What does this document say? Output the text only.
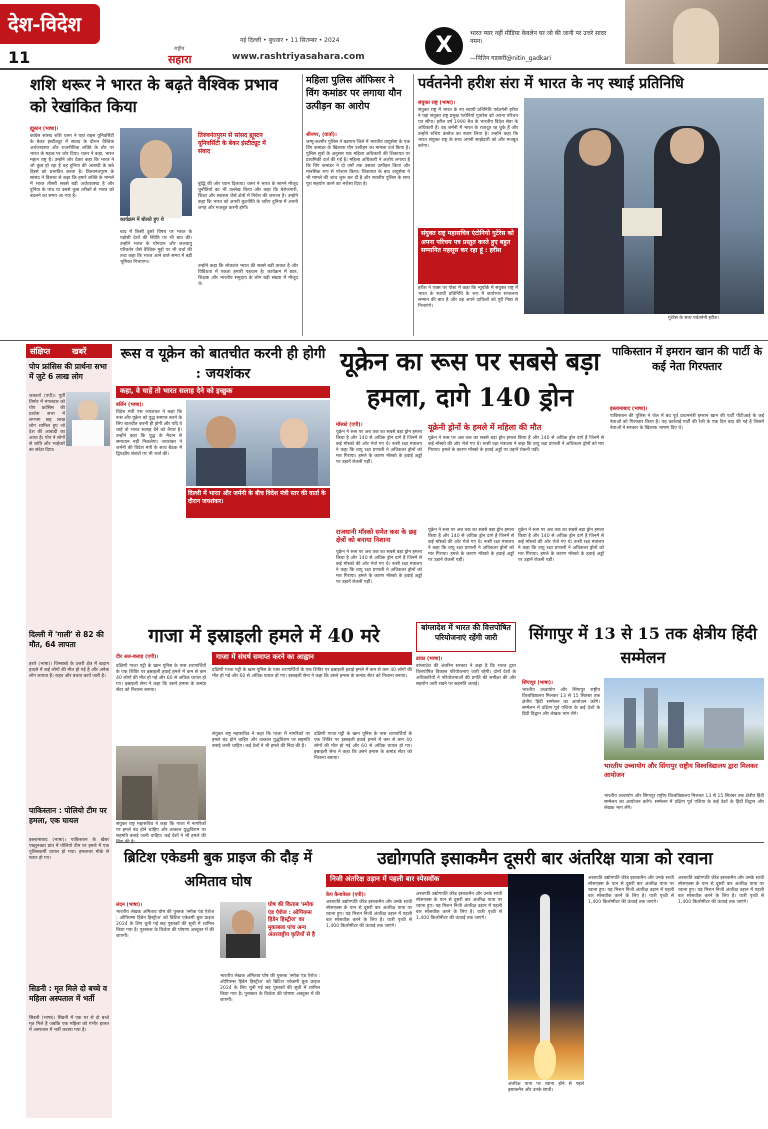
देश-विदेश
11
नई दिल्ली • बुधवार • 11 सितम्बर • 2024
राष्ट्रीय
सहारा	www.rashtriyasahara.com	X	भारत प्यार नहीं मीडिया केवलेन घर जो की जानी पर उत्तरे सादर नमन।
—नितिन गडकरी@nitin_gadkari
शशि थरूर ने भारत के बढ़ते वैश्विक प्रभाव को रेखांकित किया
ह्यूस्टन (भाषा)।
कांग्रेस सांसद शशि थरूर ने यहां राइस यूनिवर्सिटी के बेकर इंस्टीट्यूट में संवाद के दौरान वैश्विक अर्थव्यवस्था और राजनीतिक शक्ति के तौर पर भारत के महत्व पर जोर दिया। थरूर ने कहा, भारत महान राष्ट्र है। उन्होंने जोर देकर कहा कि भारत ने जो कुछ हो रहा है वह दुनिया की आबादी के छठे हिस्से को प्रभावित करता है। तिरुवनंतपुरम के सांसद ने विस्तार से कहा कि हमारे शक्ति के मामले में भारत तीसरी सबसे बड़ी अर्थव्यवस्था है और दुनिया के पांच या उससे कुछ तरीकों से भारत को बदलने का समय आ गया है।
कार्यक्रम में बोलते हुए थे
तिरुवनंतपुरम से सांसद ह्यूस्टन यूनिवर्सिटी के बेकर इंस्टीट्यूट में संवाद
बाद में किसी दूसरे विषय पर भारत के पड़ोसी देशों की स्थिति पर भी बात की। उन्होंने भारत के योगदान और जलवायु परिवर्तन जैसे वैश्विक मुद्दों पर भी चर्चा की तथा कहा कि भारत आने वाले समय में बड़ी भूमिका निभाएगा।
बुद्धि की ओर ध्यान दिलाया। थरूर ने भारत के सामने मौजूद चुनौतियों का भी उल्लेख किया और कहा कि बेरोजगारी, शिक्षा और स्वास्थ्य जैसे क्षेत्रों में निवेश की जरूरत है। उन्होंने कहा कि भारत को अपनी कूटनीति के जरिए दुनिया में अपनी जगह और मजबूत करनी होगी।
उन्होंने कहा कि लोकतंत्र भारत की सबसे बड़ी ताकत है और विविधता में एकता हमारी पहचान है। कार्यक्रम में छात्र, शिक्षक और भारतीय समुदाय के लोग बड़ी संख्या में मौजूद थे।
महिला पुलिस ऑफिसर ने विंग कमांडर पर लगाया यौन उत्पीड़न का आरोप
श्रीनगर, (वार्ता)।
जम्मू-कश्मीर पुलिस ने बडगाम जिले में भारतीय वायुसेना के एक विंग कमांडर के खिलाफ यौन उत्पीड़न का मामला दर्ज किया है। पुलिस सूत्रों के अनुसार एक महिला अधिकारी की शिकायत पर प्राथमिकी दर्ज की गई है। महिला अधिकारी ने आरोप लगाया है कि विंग कमांडर ने दो वर्षों तक उसका उत्पीड़न किया और मानसिक रूप से परेशान किया। शिकायत के बाद वायुसेना ने भी मामले की जांच शुरू कर दी है और स्थानीय पुलिस के साथ पूरा सहयोग करने का भरोसा दिया है।
पर्वतनेनी हरीश संरा में भारत के नए स्थाई प्रतिनिधि
संयुक्त राष्ट्र (भाषा)।
संयुक्त राष्ट्र में भारत के नए स्थायी प्रतिनिधि पर्वतनेनी हरीश ने यहां संयुक्त राष्ट्र प्रमुख एंतोनियो गुतारेस को अपना परिचय पत्र सौंपा। हरीश वर्ष 1990 बैच के भारतीय विदेश सेवा के अधिकारी हैं। वह जर्मनी में भारत के राजदूत रह चुके हैं और उन्होंने रुचिरा कंबोज का स्थान लिया है। उन्होंने कहा कि भारत संयुक्त राष्ट्र के साथ अपनी साझेदारी को और मजबूत करेगा।
संयुक्त राष्ट्र महासचिव एंटोनियो गुटेरेस को अपना परिचय पत्र प्रस्तुत करते हुए बहुत सम्मानित महसूस कर रहा हूं : हरीश
हरीश ने एक्स पर पोस्ट में कहा कि न्यूयॉर्क में संयुक्त राष्ट्र में भारत के स्थायी प्रतिनिधि के रूप में कार्यभार संभालना सम्मान की बात है और वह अपने दायित्वों को पूरी निष्ठा से निभाएंगे।
गुटेरेस के साथ पर्वतनेनी हरीश।
संक्षिप्त	खबरें
पोप फ्रांसिस की प्रार्थना सभा में जुटे 6 लाख लोग
जकार्ता (एपी)। पूर्वी तिमोर में मंगलवार को पोप फ्रांसिस की प्रार्थना सभा में लगभग छह लाख लोग शामिल हुए जो देश की आबादी का आधा है। पोप ने लोगों से शांति और भाईचारे का संदेश दिया।
दिल्ली में 'गाली' से 82 की मौत, 64 लापता
हरारे (भाषा)। जिम्बाब्वे के उत्तरी क्षेत्र में खदान हादसे में कई लोगों की मौत हो गई है और अनेक लोग लापता हैं। राहत और बचाव कार्य जारी है।
पाकिस्तान : पोलियो टीम पर हमला, एक घायल
इस्लामाबाद (भाषा)। पाकिस्तान के खैबर पख्तूनख्वा प्रांत में पोलियो टीम पर हमले में एक पुलिसकर्मी घायल हो गया। हमलावर मौके से फरार हो गए।
सिडनी : मृत मिले दो बच्चे व महिला अस्पताल में भर्ती
सिडनी (भाषा)। सिडनी में एक घर से दो बच्चे मृत मिले हैं जबकि एक महिला को गंभीर हालत में अस्पताल में भर्ती कराया गया है।
रूस व यूक्रेन को बातचीत करनी ही होगी : जयशंकर
कहा, वे चाहें तो भारत सलाह देने को इच्छुक
बर्लिन (भाषा)।
विदेश मंत्री एस जयशंकर ने कहा कि रूस और यूक्रेन को युद्ध समाप्त करने के लिए बातचीत करनी ही होगी और यदि वे चाहें तो भारत सलाह देने को तैयार है। उन्होंने कहा कि युद्ध के मैदान से समाधान नहीं निकलेगा। जयशंकर ने जर्मनी की विदेश मंत्री के साथ बैठक में द्विपक्षीय संबंधों पर भी चर्चा की।
दिल्ली में भारत और जर्मनी के बीच विदेश मंत्री स्तर की वार्ता के दौरान जयशंकर।
यूक्रेन का रूस पर सबसे बड़ा हमला, दागे 140 ड्रोन
मॉस्को (एपी)।
यूक्रेन ने रूस पर अब तक का सबसे बड़ा ड्रोन हमला किया है और 140 से अधिक ड्रोन दागे हैं जिनमें से कई मॉस्को की ओर भेजे गए थे। रूसी रक्षा मंत्रालय ने कहा कि वायु रक्षा प्रणाली ने अधिकतर ड्रोनों को मार गिराया। हमले के कारण मॉस्को के हवाई अड्डों पर उड़ानें रोकनी पड़ीं।
यूक्रेनी ड्रोनों के हमले में महिला की मौत
यूक्रेन ने रूस पर अब तक का सबसे बड़ा ड्रोन हमला किया है और 140 से अधिक ड्रोन दागे हैं जिनमें से कई मॉस्को की ओर भेजे गए थे। रूसी रक्षा मंत्रालय ने कहा कि वायु रक्षा प्रणाली ने अधिकतर ड्रोनों को मार गिराया। हमले के कारण मॉस्को के हवाई अड्डों पर उड़ानें रोकनी पड़ीं।
राजधानी मॉस्को समेत कस के छह क्षेत्रों को बनाया निशाना
यूक्रेन ने रूस पर अब तक का सबसे बड़ा ड्रोन हमला किया है और 140 से अधिक ड्रोन दागे हैं जिनमें से कई मॉस्को की ओर भेजे गए थे। रूसी रक्षा मंत्रालय ने कहा कि वायु रक्षा प्रणाली ने अधिकतर ड्रोनों को मार गिराया। हमले के कारण मॉस्को के हवाई अड्डों पर उड़ानें रोकनी पड़ीं।
यूक्रेन ने रूस पर अब तक का सबसे बड़ा ड्रोन हमला किया है और 140 से अधिक ड्रोन दागे हैं जिनमें से कई मॉस्को की ओर भेजे गए थे। रूसी रक्षा मंत्रालय ने कहा कि वायु रक्षा प्रणाली ने अधिकतर ड्रोनों को मार गिराया। हमले के कारण मॉस्को के हवाई अड्डों पर उड़ानें रोकनी पड़ीं।
यूक्रेन ने रूस पर अब तक का सबसे बड़ा ड्रोन हमला किया है और 140 से अधिक ड्रोन दागे हैं जिनमें से कई मॉस्को की ओर भेजे गए थे। रूसी रक्षा मंत्रालय ने कहा कि वायु रक्षा प्रणाली ने अधिकतर ड्रोनों को मार गिराया। हमले के कारण मॉस्को के हवाई अड्डों पर उड़ानें रोकनी पड़ीं।
पाकिस्तान में इमरान खान की पार्टी के कई नेता गिरफ्तार
इस्लामाबाद (भाषा)।
पाकिस्तान की पुलिस ने जेल में बंद पूर्व प्रधानमंत्री इमरान खान की पार्टी पीटीआई के कई नेताओं को गिरफ्तार किया है। यह कार्रवाई पार्टी की रैली के एक दिन बाद की गई है जिसमें नेताओं ने सरकार के खिलाफ भाषण दिए थे।
बांग्लादेश में भारत की वित्तपोषित परियोजनाएं रहेंगी जारी
ढाका (भाषा)।
बांग्लादेश की अंतरिम सरकार ने कहा है कि भारत द्वारा वित्तपोषित विकास परियोजनाएं जारी रहेंगी। दोनों देशों के अधिकारियों ने परियोजनाओं की प्रगति की समीक्षा की और सहयोग जारी रखने पर सहमति जताई।
गाजा में इस्राइली हमले में 40 मरे
गाजा में संघर्ष समाप्त करने का आह्वान
दीर अल-बलाह (एपी)।
दक्षिणी गाजा पट्टी के खान यूनिस के पास शरणार्थियों के एक शिविर पर इस्राइली हवाई हमले में कम से कम 40 लोगों की मौत हो गई और 60 से अधिक घायल हो गए। इस्राइली सेना ने कहा कि उसने हमास के कमांड सेंटर को निशाना बनाया।
संयुक्त राष्ट्र महासचिव ने कहा कि गाजा में नागरिकों पर हमले बंद होने चाहिए और तत्काल युद्धविराम पर सहमति बनाई जानी चाहिए। कई देशों ने भी हमले की
दक्षिणी गाजा पट्टी के खान यूनिस के पास शरणार्थियों के एक शिविर पर इस्राइली हवाई हमले में कम से कम 40 लोगों की मौत हो गई और 60 से अधिक घायल हो गए। इस्राइली सेना ने कहा कि उसने हमास के कमांड सेंटर को निशाना बनाया।
संयुक्त राष्ट्र महासचिव ने कहा कि गाजा में नागरिकों पर हमले बंद होने चाहिए और तत्काल युद्धविराम पर सहमति बनाई जानी चाहिए। कई देशों ने भी हमले की निंदा की है।
दक्षिणी गाजा पट्टी के खान यूनिस के पास शरणार्थियों के एक शिविर पर इस्राइली हवाई हमले में कम से कम 40 लोगों की मौत हो गई और 60 से अधिक घायल हो गए। इस्राइली सेना ने कहा कि उसने हमास के कमांड सेंटर को निशाना बनाया।
सिंगापुर में 13 से 15 तक क्षेत्रीय हिंदी सम्मेलन
सिंगापुर (भाषा)।
भारतीय उच्चायोग और सिंगापुर राष्ट्रीय विश्वविद्यालय मिलकर 13 से 15 सितंबर तक क्षेत्रीय हिंदी सम्मेलन का आयोजन करेंगे। सम्मेलन में दक्षिण पूर्व एशिया के कई देशों के हिंदी विद्वान और लेखक भाग लेंगे।
भारतीय उच्चायोग और सिंगापुर राष्ट्रीय विश्वविद्यालय द्वारा मिलकर आयोजन
भारतीय उच्चायोग और सिंगापुर राष्ट्रीय विश्वविद्यालय मिलकर 13 से 15 सितंबर तक क्षेत्रीय हिंदी सम्मेलन का आयोजन करेंगे। सम्मेलन में दक्षिण पूर्व एशिया के कई देशों के हिंदी विद्वान और लेखक भाग लेंगे।
ब्रिटिश एकेडमी बुक प्राइज की दौड़ में अमिताव घोष
लंदन (भाषा)।
भारतीय लेखक अमिताव घोष की पुस्तक 'स्मोक एंड ऐशेज : ओपियम्स हिडेन हिस्ट्रीज' को ब्रिटिश एकेडमी बुक प्राइज 2024 के लिए चुनी गई छह पुस्तकों की सूची में शामिल किया गया है। पुरस्कार के विजेता की घोषणा अक्टूबर में की जाएगी।
घोष की किताब 'स्मोक एंड ऐशेज : ओपियम्स हिडेन हिस्ट्रीज' का मुकाबला पांच अन्य अंतरराष्ट्रीय कृतियों से है
भारतीय लेखक अमिताव घोष की पुस्तक 'स्मोक एंड ऐशेज : ओपियम्स हिडेन हिस्ट्रीज' को ब्रिटिश एकेडमी बुक प्राइज 2024 के लिए चुनी गई छह पुस्तकों की सूची में शामिल किया गया है। पुरस्कार के विजेता की घोषणा अक्टूबर में की जाएगी।
उद्योगपति इसाकमैन दूसरी बार अंतरिक्ष यात्रा को रवाना
निजी अंतरिक्ष उड़ान में पहली बार स्पेसवॉक
केप कैनावेरल (एपी)।
अरबपति उद्योगपति जेरेड इसाकमैन और उनके साथी स्पेसएक्स के यान से दूसरी बार अंतरिक्ष यात्रा पर रवाना हुए। यह मिशन निजी अंतरिक्ष उड़ान में पहली बार स्पेसवॉक करने के लिए है। यात्री पृथ्वी से 1,400 किलोमीटर की ऊंचाई तक जाएंगे।
अरबपति उद्योगपति जेरेड इसाकमैन और उनके साथी स्पेसएक्स के यान से दूसरी बार अंतरिक्ष यात्रा पर रवाना हुए। यह मिशन निजी अंतरिक्ष उड़ान में पहली बार स्पेसवॉक करने के लिए है। यात्री पृथ्वी से 1,400 किलोमीटर की ऊंचाई तक जाएंगे।
अंतरिक्ष यात्रा पर रवाना होने से पहले इसाकमैन और उनके साथी।
अरबपति उद्योगपति जेरेड इसाकमैन और उनके साथी स्पेसएक्स के यान से दूसरी बार अंतरिक्ष यात्रा पर रवाना हुए। यह मिशन निजी अंतरिक्ष उड़ान में पहली बार स्पेसवॉक करने के लिए है। यात्री पृथ्वी से 1,400 किलोमीटर की ऊंचाई तक जाएंगे।
अरबपति उद्योगपति जेरेड इसाकमैन और उनके साथी स्पेसएक्स के यान से दूसरी बार अंतरिक्ष यात्रा पर रवाना हुए। यह मिशन निजी अंतरिक्ष उड़ान में पहली बार स्पेसवॉक करने के लिए है। यात्री पृथ्वी से 1,400 किलोमीटर की ऊंचाई तक जाएंगे।
